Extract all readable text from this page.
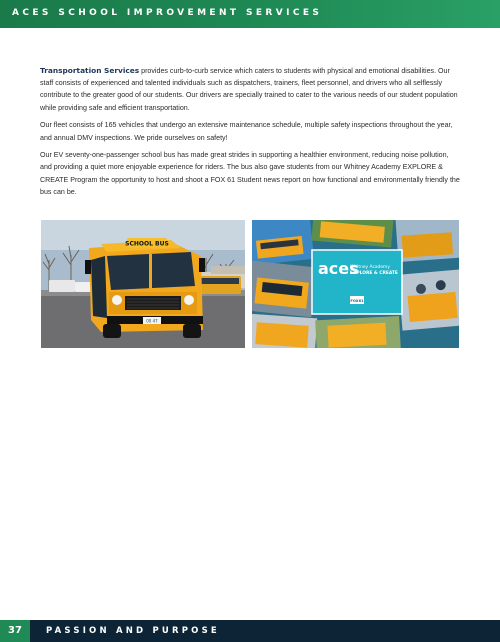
ACES SCHOOL IMPROVEMENT SERVICES

Transportation Services provides curb-to-curb service which caters to students with physical and emotional disabilities. Our staff consists of experienced and talented individuals such as dispatchers, trainers, fleet personnel, and drivers who all selflessly contribute to the greater good of our students. Our drivers are specially trained to cater to the various needs of our student population while providing safe and efficient transportation.

Our fleet consists of 165 vehicles that undergo an extensive maintenance schedule, multiple safety inspections throughout the year, and annual DMV inspections. We pride ourselves on safety!

Our EV seventy-one-passenger school bus has made great strides in supporting a healthier environment, reducing noise pollution, and providing a quiet more enjoyable experience for riders. The bus also gave students from our Whitney Academy EXPLORE & CREATE Program the opportunity to host and shoot a FOX 61 Student news report on how functional and environmentally friendly the bus can be.

SCHOOL BUS
00 47
aces
Whitney Academy
EXPLORE & CREATE
FOX61
37	PASSION AND PURPOSE
